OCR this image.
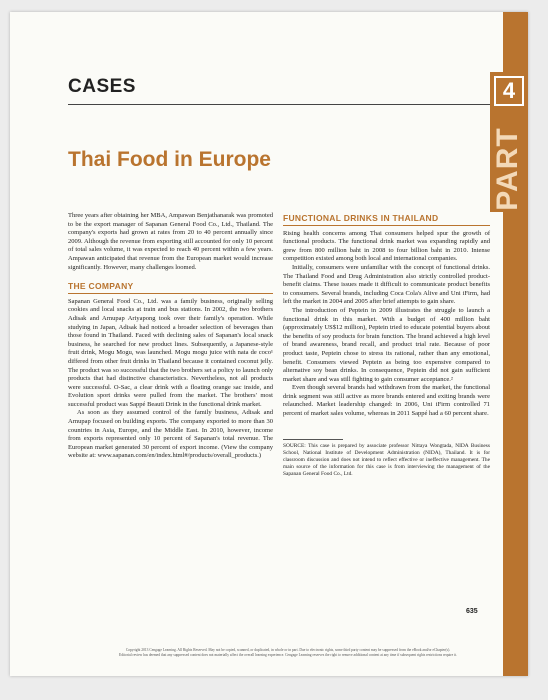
4
PART
CASES
Thai Food in Europe

Three years after obtaining her MBA, Ampawan Benjathanarak was promoted to be the export manager of Sapanan General Food Co., Ltd., Thailand. The company's exports had grown at rates from 20 to 40 percent annually since 2009. Although the revenue from exporting still accounted for only 10 percent of total sales volume, it was expected to reach 40 percent within a few years. Ampawan anticipated that revenue from the European market would increase significantly. However, many challenges loomed.

THE COMPANY

Sapanan General Food Co., Ltd. was a family business, originally selling cookies and local snacks at train and bus stations. In 2002, the two brothers Adisak and Arnupap Ariyapong took over their family's operation. While studying in Japan, Adisak had noticed a broader selection of beverages than those found in Thailand. Faced with declining sales of Sapanan's local snack business, he searched for new product lines. Subsequently, a Japanese-style fruit drink, Mogu Mogu, was launched. Mogu mogu juice with nata de coco¹ differed from other fruit drinks in Thailand because it contained coconut jelly. The product was so successful that the two brothers set a policy to launch only products that had distinctive characteristics. Nevertheless, not all products were successful. O-Sac, a clear drink with a floating orange sac inside, and Evolution sport drinks were pulled from the market. The brothers' most successful product was Sappé Beauti Drink in the functional drink market.

As soon as they assumed control of the family business, Adisak and Arnupap focused on building exports. The company exported to more than 30 countries in Asia, Europe, and the Middle East. In 2010, however, income from exports represented only 10 percent of Sapanan's total revenue. The European market generated 30 percent of export income. (View the company website at: www.sapanan.com/en/index.html#/products/overall_products.)

FUNCTIONAL DRINKS IN THAILAND

Rising health concerns among Thai consumers helped spur the growth of functional products. The functional drink market was expanding rapidly and grew from 800 million baht in 2008 to four billion baht in 2010. Intense competition existed among both local and international companies.

Initially, consumers were unfamiliar with the concept of functional drinks. The Thailand Food and Drug Administration also strictly controlled product-benefit claims. These issues made it difficult to communicate product benefits to consumers. Several brands, including Coca Cola's Alive and Uni iFirm, had left the market in 2004 and 2005 after brief attempts to gain share.

The introduction of Peptein in 2009 illustrates the struggle to launch a functional drink in this market. With a budget of 400 million baht (approximately US$12 million), Peptein tried to educate potential buyers about the benefits of soy products for brain function. The brand achieved a high level of brand awareness, brand recall, and product trial rate. Because of poor product taste, Peptein chose to stress its rational, rather than any emotional, benefit. Consumers viewed Peptein as being too expensive compared to alternative soy bean drinks. In consequence, Peptein did not gain sufficient market share and was still fighting to gain consumer acceptance.²

Even though several brands had withdrawn from the market, the functional drink segment was still active as more brands entered and exiting brands were relaunched. Market leadership changed: in 2006, Uni iFirm controlled 71 percent of market sales volume, whereas in 2011 Sappé had a 60 percent share.

SOURCE: This case is prepared by associate professor Nittaya Wongtada, NIDA Business School, National Institute of Development Administration (NIDA), Thailand. It is for classroom discussion and does not intend to reflect effective or ineffective management. The main source of the information for this case is from interviewing the management of the Sapanan General Food Co., Ltd.
635
Copyright 2013 Cengage Learning. All Rights Reserved. May not be copied, scanned, or duplicated, in whole or in part. Due to electronic rights, some third party content may be suppressed from the eBook and/or eChapter(s).
Editorial review has deemed that any suppressed content does not materially affect the overall learning experience. Cengage Learning reserves the right to remove additional content at any time if subsequent rights restrictions require it.
